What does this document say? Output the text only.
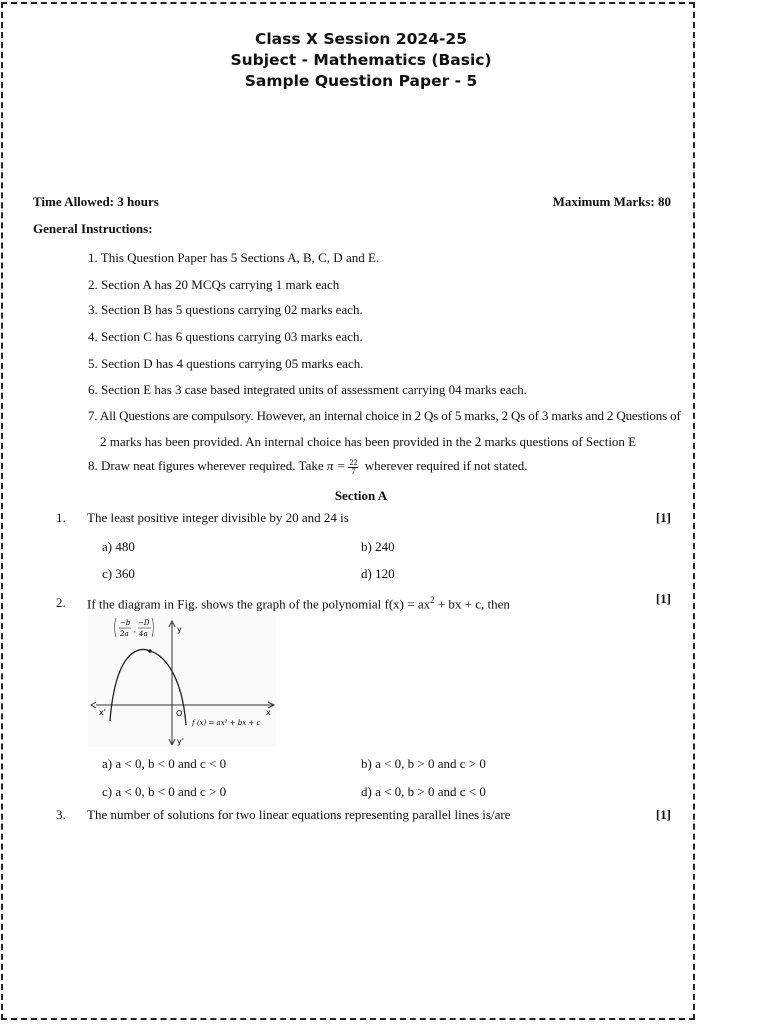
Class X Session 2024-25
Subject - Mathematics (Basic)
Sample Question Paper - 5
Time Allowed: 3 hours	Maximum Marks: 80
General Instructions:
1. This Question Paper has 5 Sections A, B, C, D and E.
2. Section A has 20 MCQs carrying 1 mark each
3. Section B has 5 questions carrying 02 marks each.
4. Section C has 6 questions carrying 03 marks each.
5. Section D has 4 questions carrying 05 marks each.
6. Section E has 3 case based integrated units of assessment carrying 04 marks each.
7. All Questions are compulsory. However, an internal choice in 2 Qs of 5 marks, 2 Qs of 3 marks and 2 Questions of
2 marks has been provided. An internal choice has been provided in the 2 marks questions of Section E
8. Draw neat figures wherever required. Take $\pi = \frac{22}{7}$ wherever required if not stated.
Section A
1. The least positive integer divisible by 20 and 24 is	[1]
a) 480	b) 240
c) 360	d) 120
2. If the diagram in Fig. shows the graph of the polynomial $f(x) = ax^2$ + bx + c, then	[1]
−b
2a ,
−D
4a	y
y'
x
x'	O
f (x) = ax² + bx + c
a) a < 0, b < 0 and c < 0	b) a < 0, b > 0 and c > 0
c) a < 0, b < 0 and c > 0	d) a < 0, b > 0 and c < 0
3. The number of solutions for two linear equations representing parallel lines is/are	[1]
